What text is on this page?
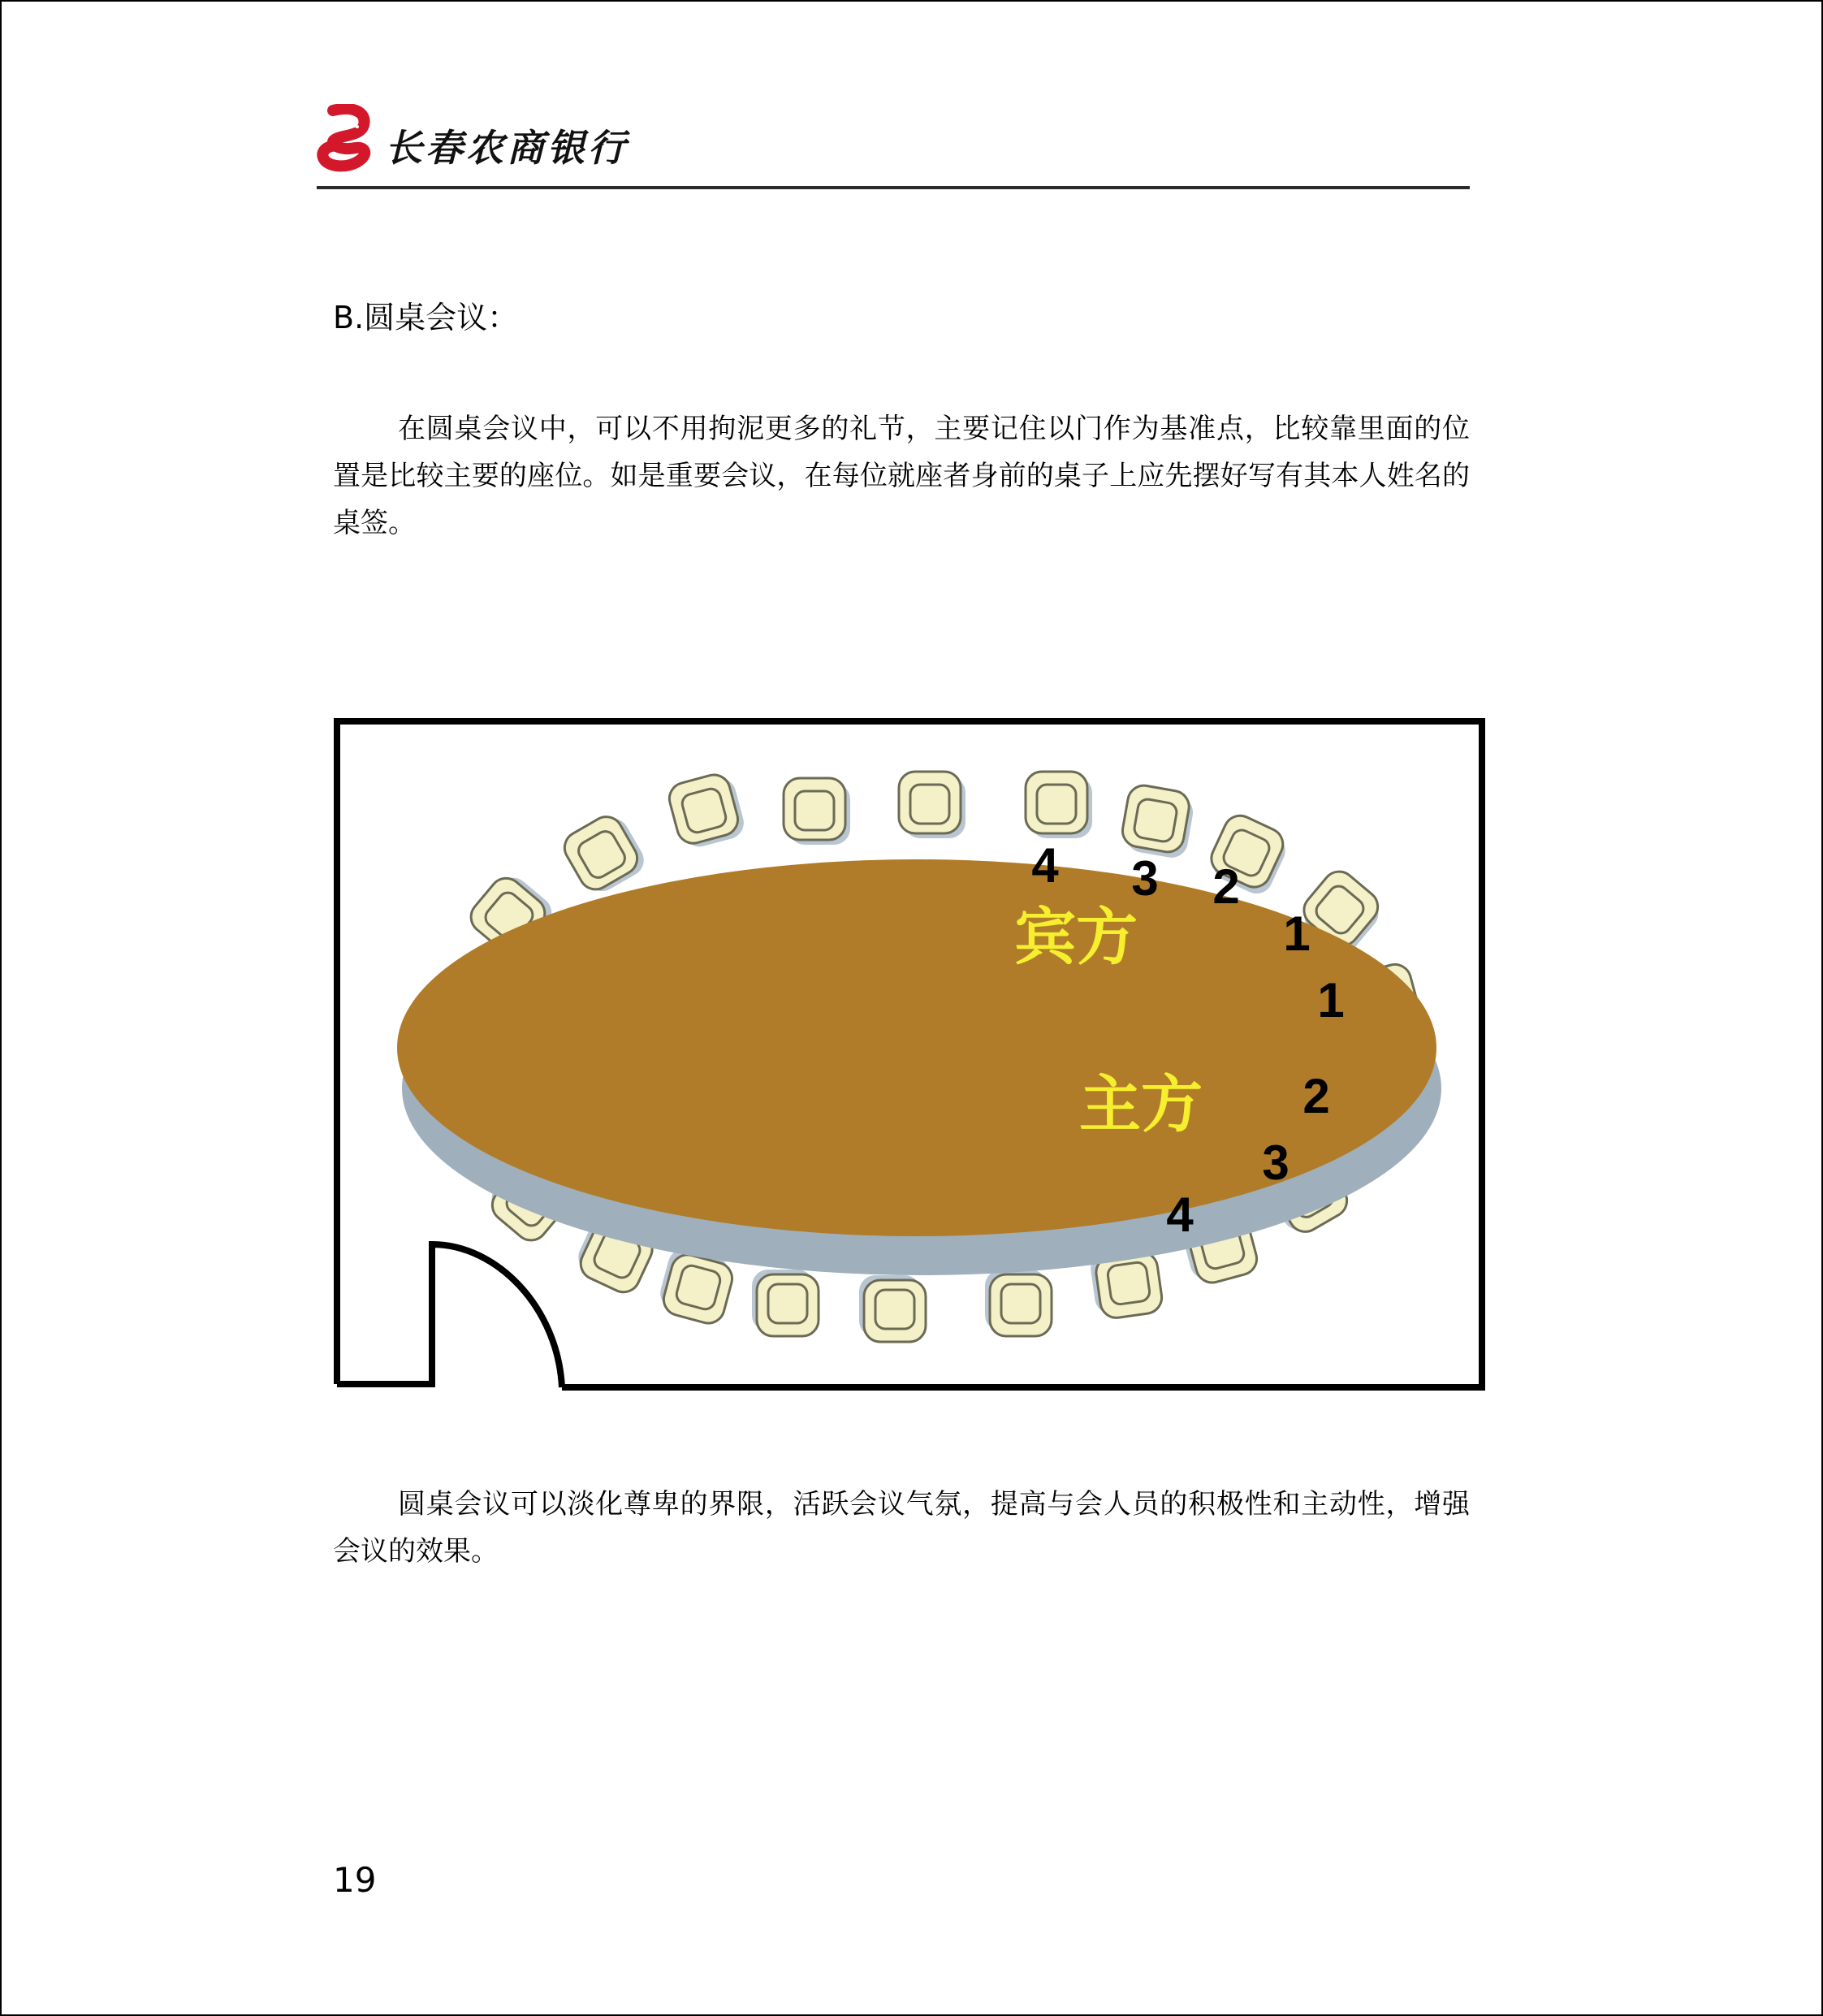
长春农商银行
B.圆桌会议：

在圆桌会议中，可以不用拘泥更多的礼节，主要记住以门作为基准点，比较靠里面的位置是比较主要的座位。如是重要会议，在每位就座者身前的桌子上应先摆好写有其本人姓名的桌签。

宾方
主方
1
2
3
4
1
2
3
4

圆桌会议可以淡化尊卑的界限，活跃会议气氛，提高与会人员的积极性和主动性，增强会议的效果。

19
